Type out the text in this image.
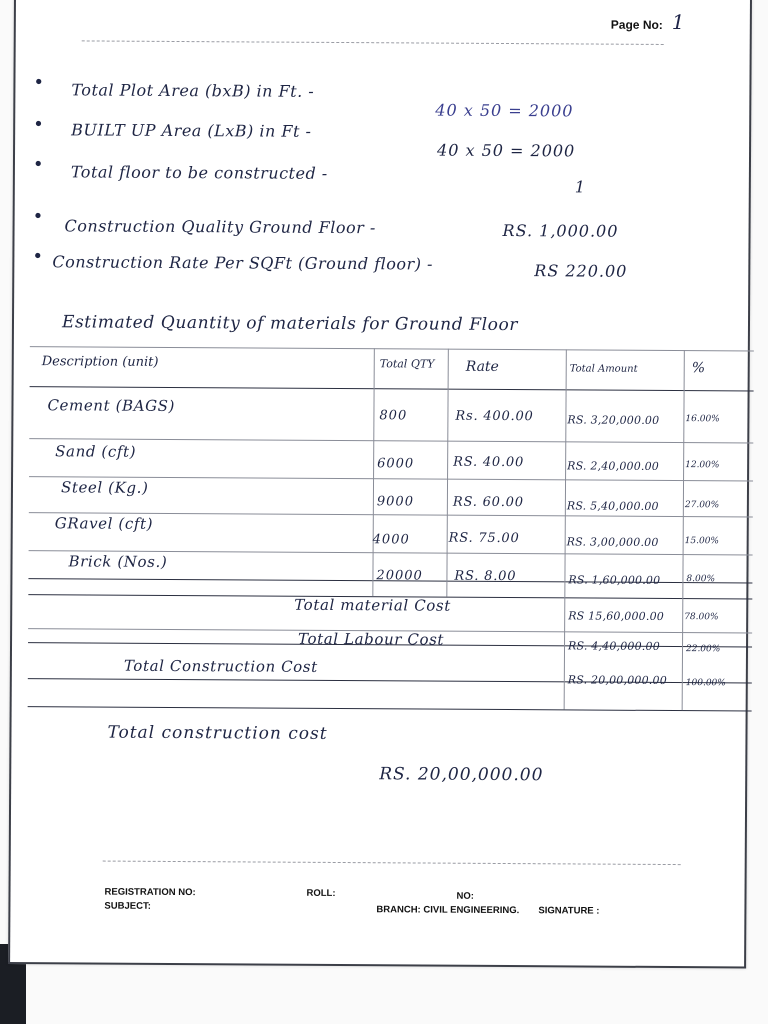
Page No: 1
• Total Plot Area (bxB) in Ft. -
40 x 50 = 2000
• BUILT UP Area (LxB) in Ft -
40 x 50 = 2000
• Total floor to be constructed -
1
• Construction Quality Ground Floor -	RS. 1,000.00
• Construction Rate Per SQFt (Ground floor) -	RS 220.00
Estimated Quantity of materials for Ground Floor
Description (unit)	Total QTY Rate	Total Amount	%
Cement (BAGS)
800	Rs. 400.00	RS. 3,20,000.00	16.00%
Sand (cft)
6000	RS. 40.00	RS. 2,40,000.00	12.00%
Steel (Kg.)
9000	RS. 60.00	RS. 5,40,000.00	27.00%
GRavel (cft)
4000	RS. 75.00	RS. 3,00,000.00	15.00%
Brick (Nos.)
20000 RS. 8.00	RS. 1,60,000.00	8.00%
Total material Cost
RS 15,60,000.00 78.00%
Total Labour Cost	RS. 4,40,000.00	22.00%
Total Construction Cost
RS. 20,00,000.00 100.00%
Total construction cost
RS. 20,00,000.00
REGISTRATION NO:	ROLL:	NO:
SUBJECT:	BRANCH: CIVIL ENGINEERING. SIGNATURE :
